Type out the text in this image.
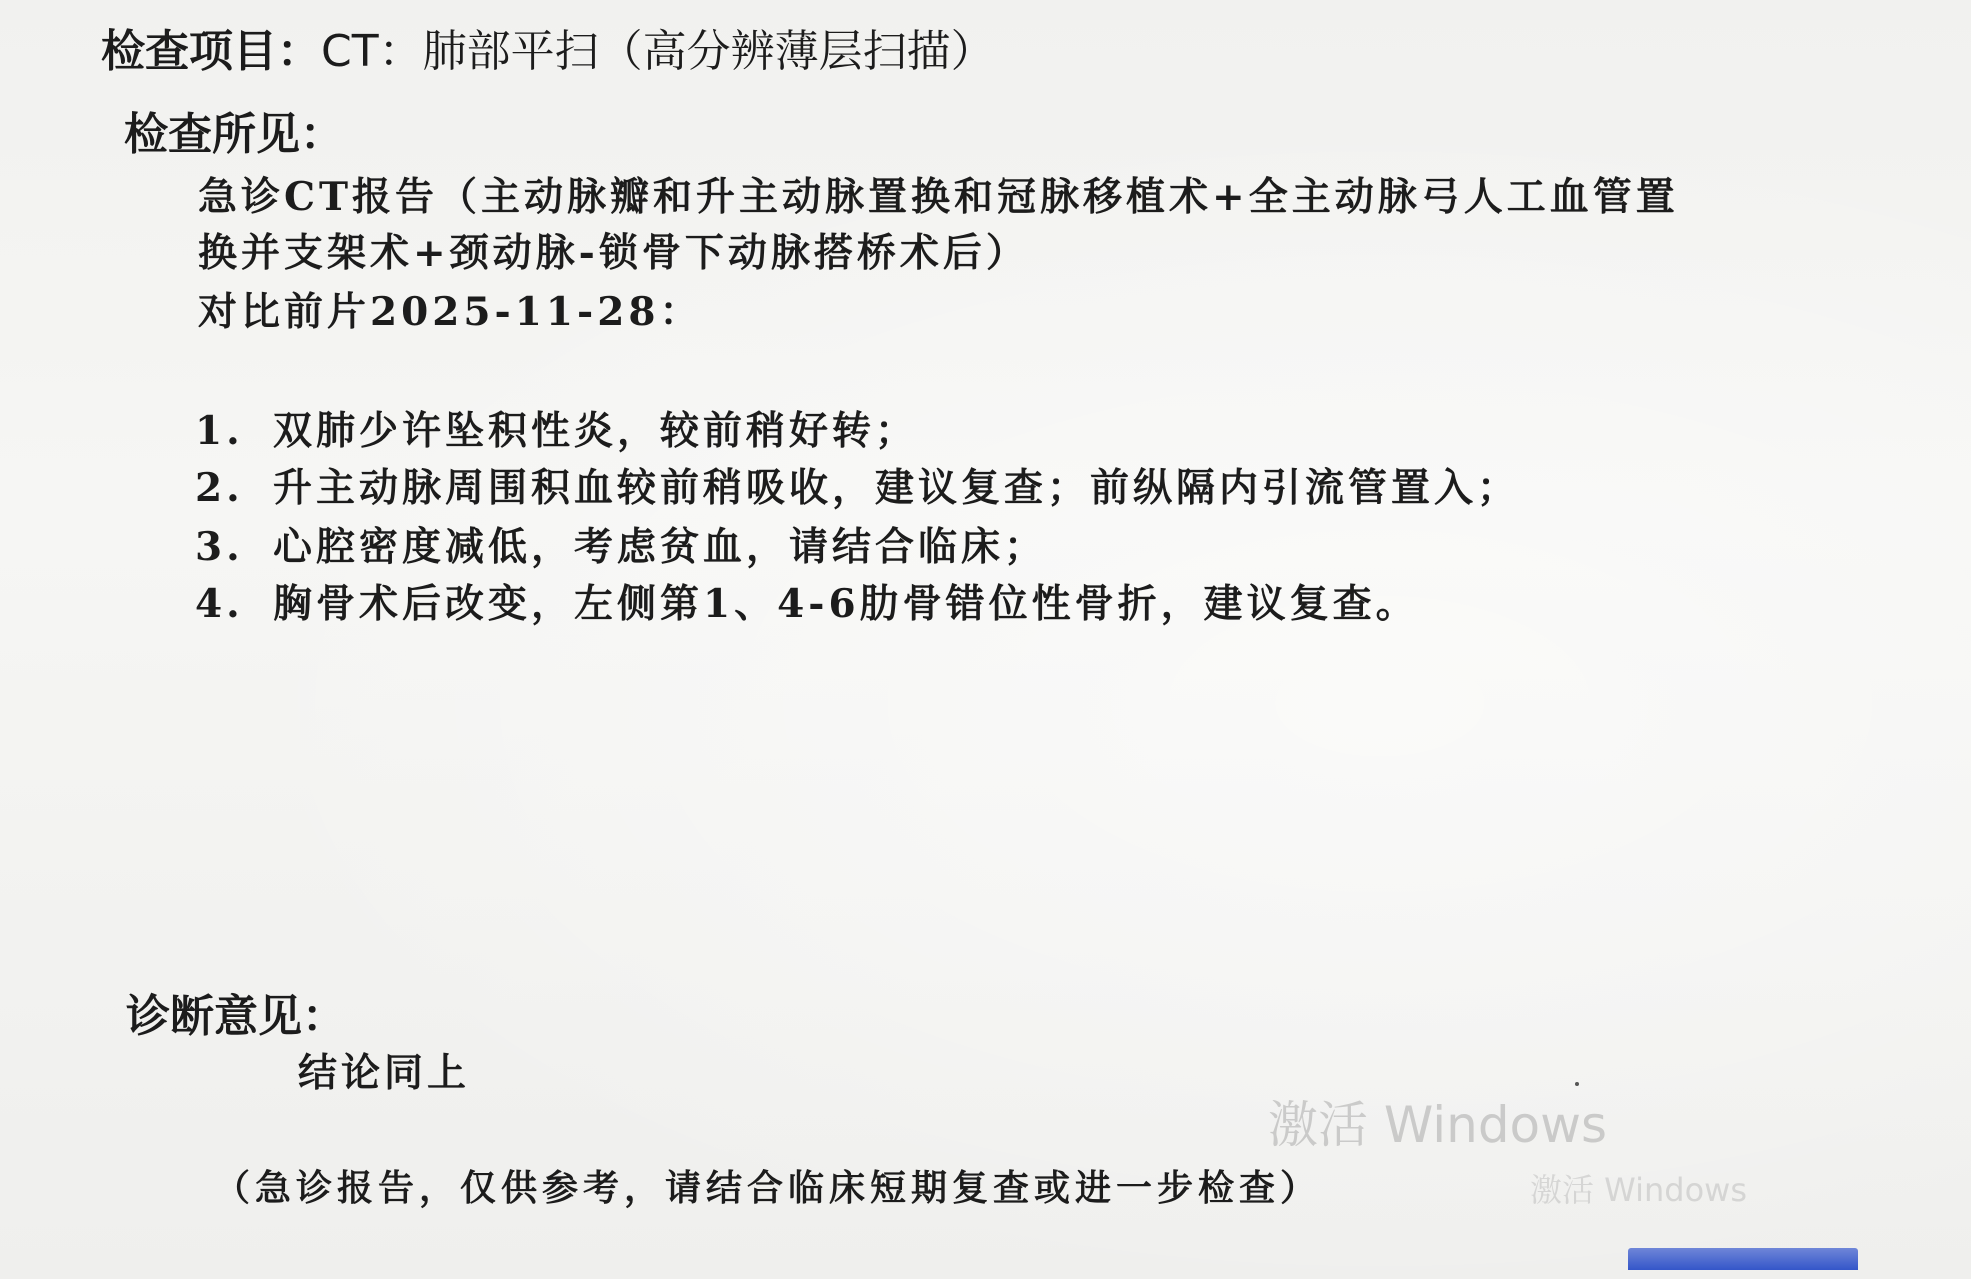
检查项目：CT：肺部平扫（高分辨薄层扫描）
检查所见：
急诊CT报告（主动脉瓣和升主动脉置换和冠脉移植术+全主动脉弓人工血管置
换并支架术+颈动脉-锁骨下动脉搭桥术后）
对比前片2025-11-28：
1. 双肺少许坠积性炎，较前稍好转；
2. 升主动脉周围积血较前稍吸收，建议复查；前纵隔内引流管置入；
3. 心腔密度减低，考虑贫血，请结合临床；
4. 胸骨术后改变，左侧第1、4-6肋骨错位性骨折，建议复查。
诊断意见：
结论同上
激活 Windows
激活 Windows
（急诊报告，仅供参考，请结合临床短期复查或进一步检查）
